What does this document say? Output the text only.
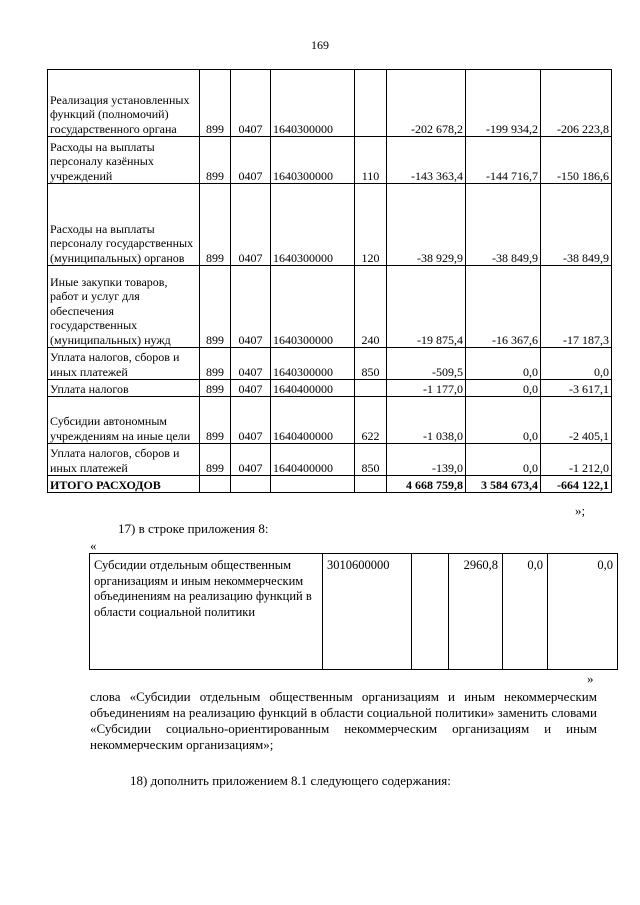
169
Реализация установленных функций (полномочий) государственного органа	899	0407	1640300000		-202 678,2	-199 934,2	-206 223,8
Расходы на выплаты персоналу казённых учреждений	899	0407	1640300000	110	-143 363,4	-144 716,7	-150 186,6
Расходы на выплаты персоналу государственных (муниципальных) органов	899	0407	1640300000	120	-38 929,9	-38 849,9	-38 849,9
Иные закупки товаров, работ и услуг для обеспечения государственных (муниципальных) нужд	899	0407	1640300000	240	-19 875,4	-16 367,6	-17 187,3
Уплата налогов, сборов и иных платежей	899	0407	1640300000	850	-509,5	0,0	0,0
Уплата налогов	899	0407	1640400000		-1 177,0	0,0	-3 617,1
Субсидии автономным учреждениям на иные цели	899	0407	1640400000	622	-1 038,0	0,0	-2 405,1
Уплата налогов, сборов и иных платежей	899	0407	1640400000	850	-139,0	0,0	-1 212,0
ИТОГО РАСХОДОВ					4 668 759,8	3 584 673,4	-664 122,1
»;
17) в строке приложения 8:
«
Субсидии отдельным общественным организациям и иным некоммерческим объединениям на реализацию функций в области социальной политики	3010600000		2960,8	0,0	0,0
»
слова «Субсидии отдельным общественным организациям и иным некоммерческим объединениям на реализацию функций в области социальной политики» заменить словами «Субсидии социально-ориентированным некоммерческим организациям и иным некоммерческим организациям»;
18) дополнить приложением 8.1 следующего содержания:
